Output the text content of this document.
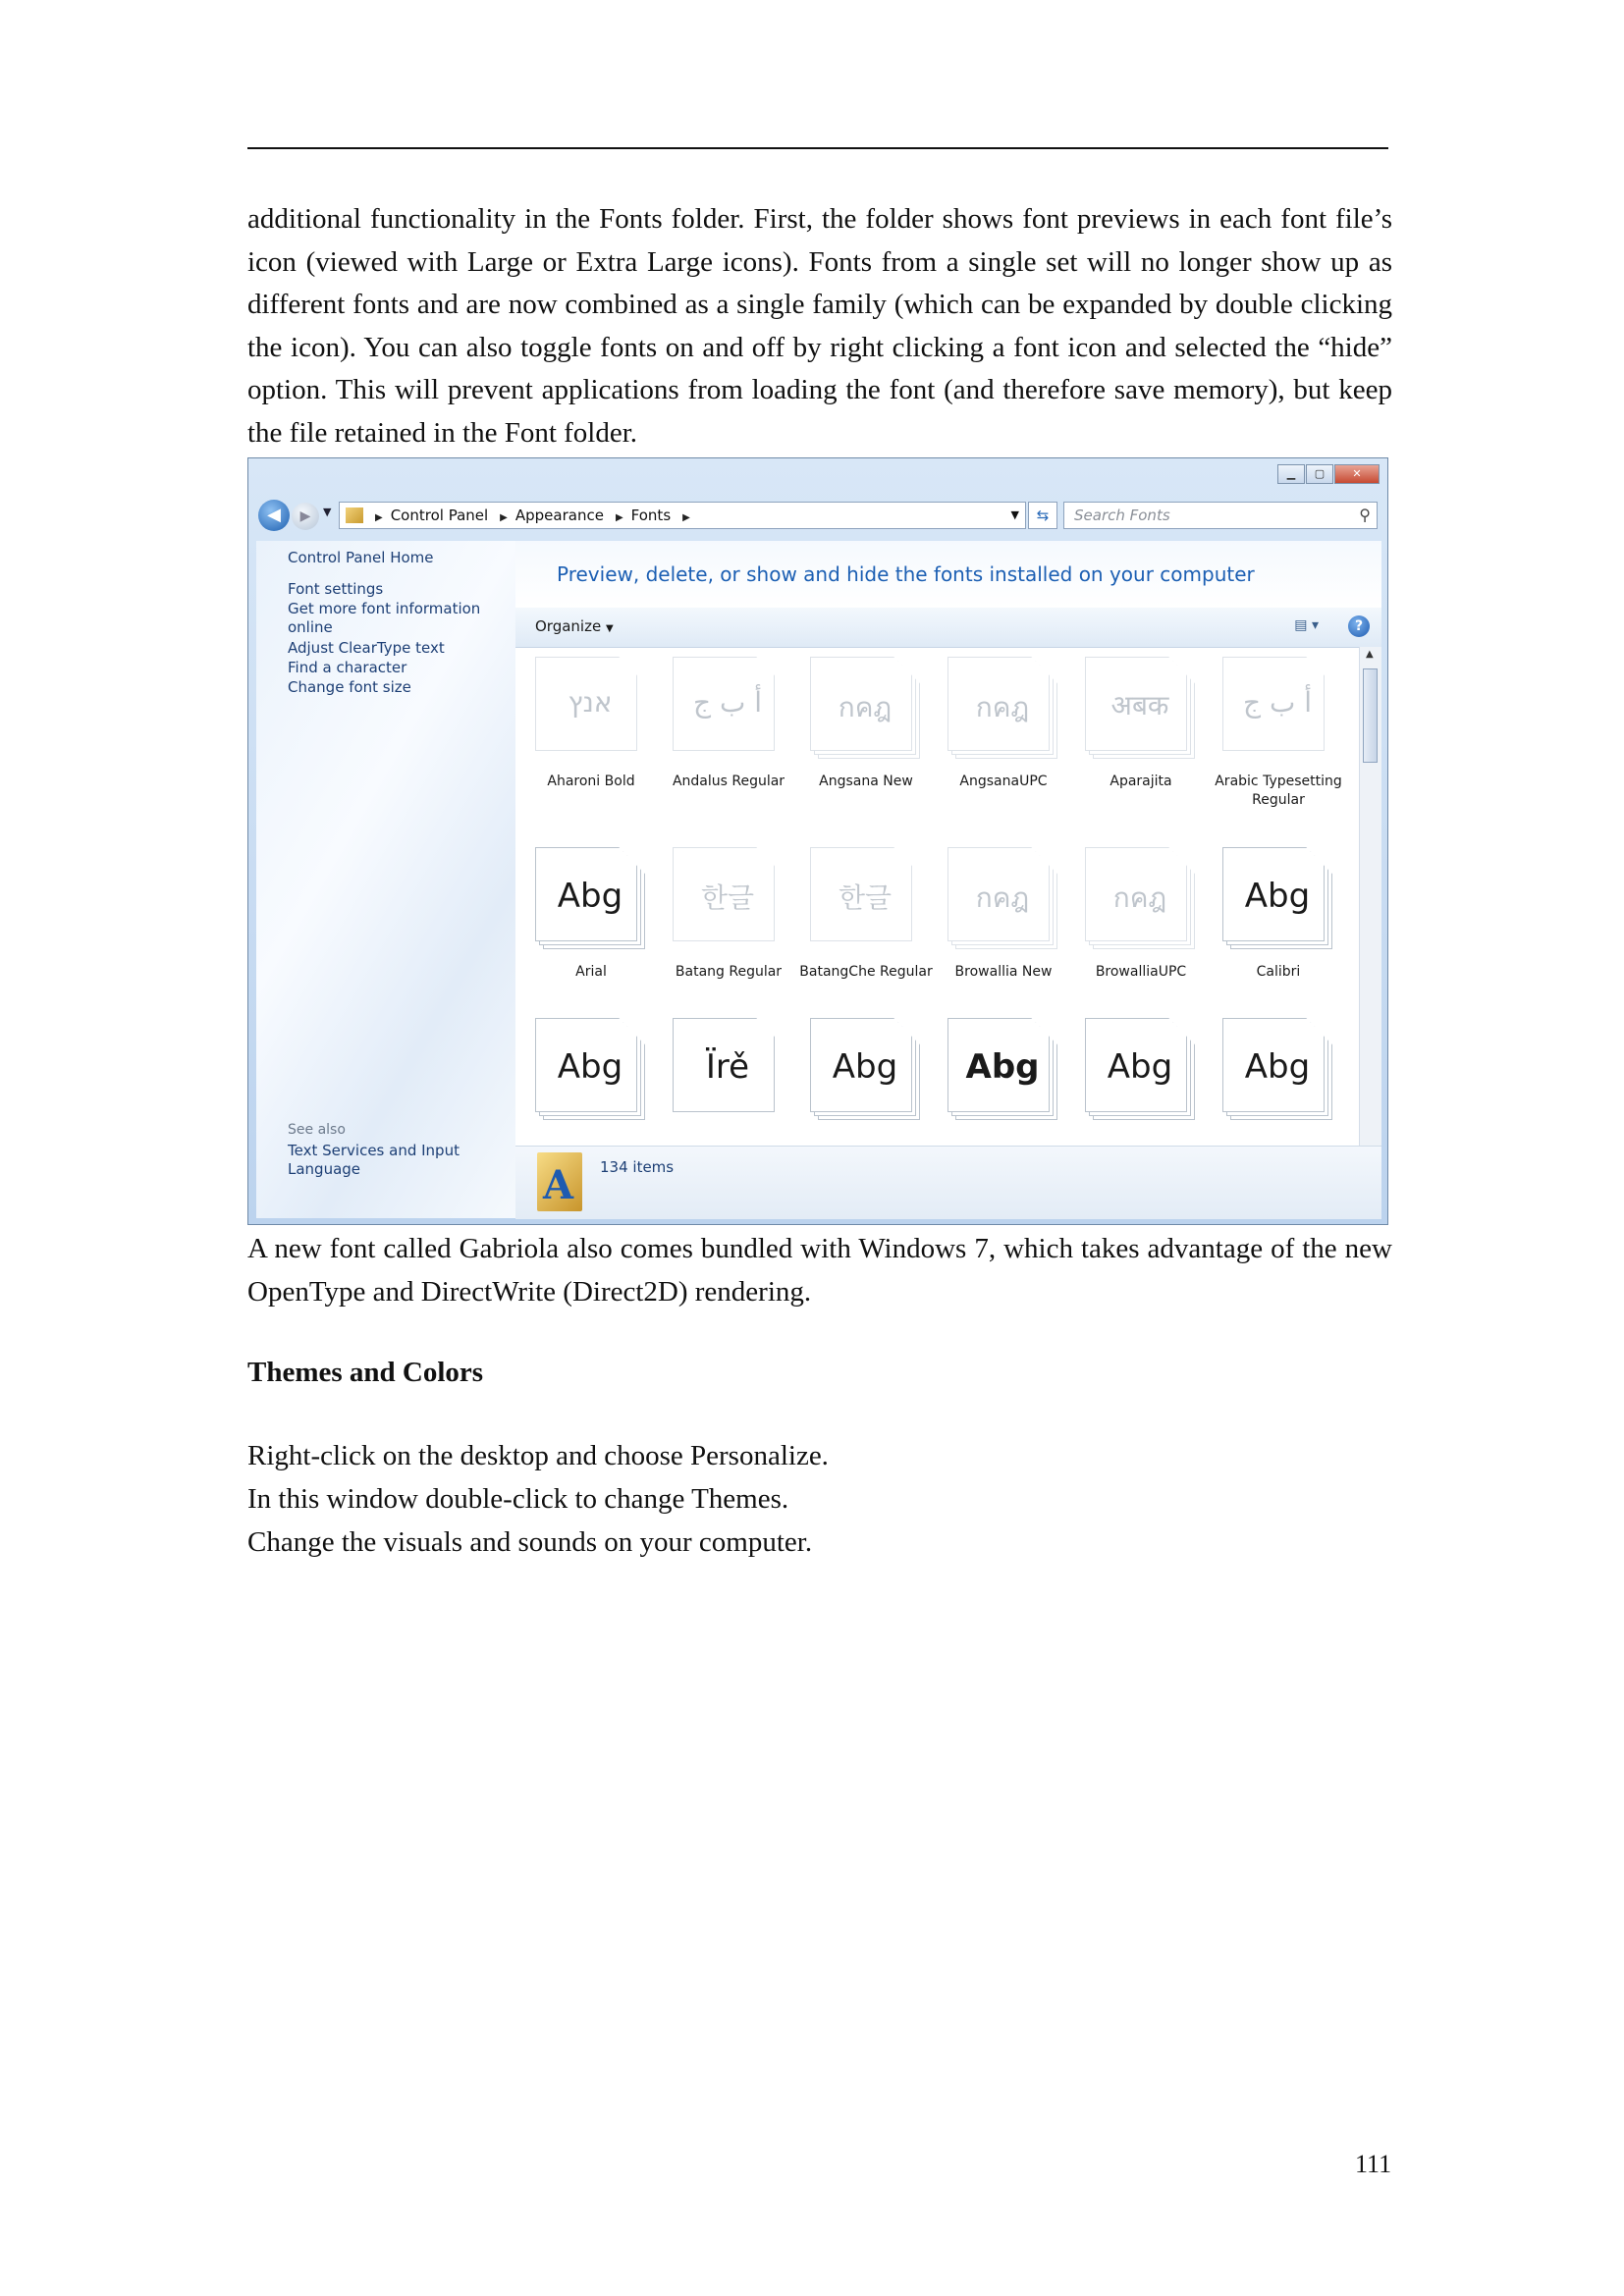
additional functionality in the Fonts folder. First, the folder shows font previews in each font file’s icon (viewed with Large or Extra Large icons). Fonts from a single set will no longer show up as different fonts and are now combined as a single family (which can be expanded by double clicking the icon). You can also toggle fonts on and off by right clicking a font icon and selected the “hide” option. This will prevent applications from loading the font (and therefore save memory), but keep the file retained in the Font folder.

▁	▢	✕
◀	▶	▼	▶ Control Panel ▶ Appearance ▶ Fonts ▶	▼	⇆	Search Fonts	⚲
Control Panel Home
Font settings
Get more font information online
Adjust ClearType text
Find a character
Change font size
See also
Text Services and Input Language
Preview, delete, or show and hide the fonts installed on your computer
Organize ▼	▤ ▾	?
אנץ
Aharoni Bold
أ ب ج
Andalus Regular
กคฎ
Angsana New
กคฎ
AngsanaUPC
अबक
Aparajita
أ ب ج
Arabic Typesetting Regular
Abg
Arial
한글
Batang Regular
한글
BatangChe Regular
กคฎ
Browallia New
กคฎ
BrowalliaUPC
Abg
Calibri
Abg	Ïrě	Abg	Abg	Abg	Abg
▲
A 134 items

A new font called Gabriola also comes bundled with Windows 7, which takes advantage of the new OpenType and DirectWrite (Direct2D) rendering.

Themes and Colors

Right-click on the desktop and choose Personalize.

In this window double-click to change Themes.

Change the visuals and sounds on your computer.

111
